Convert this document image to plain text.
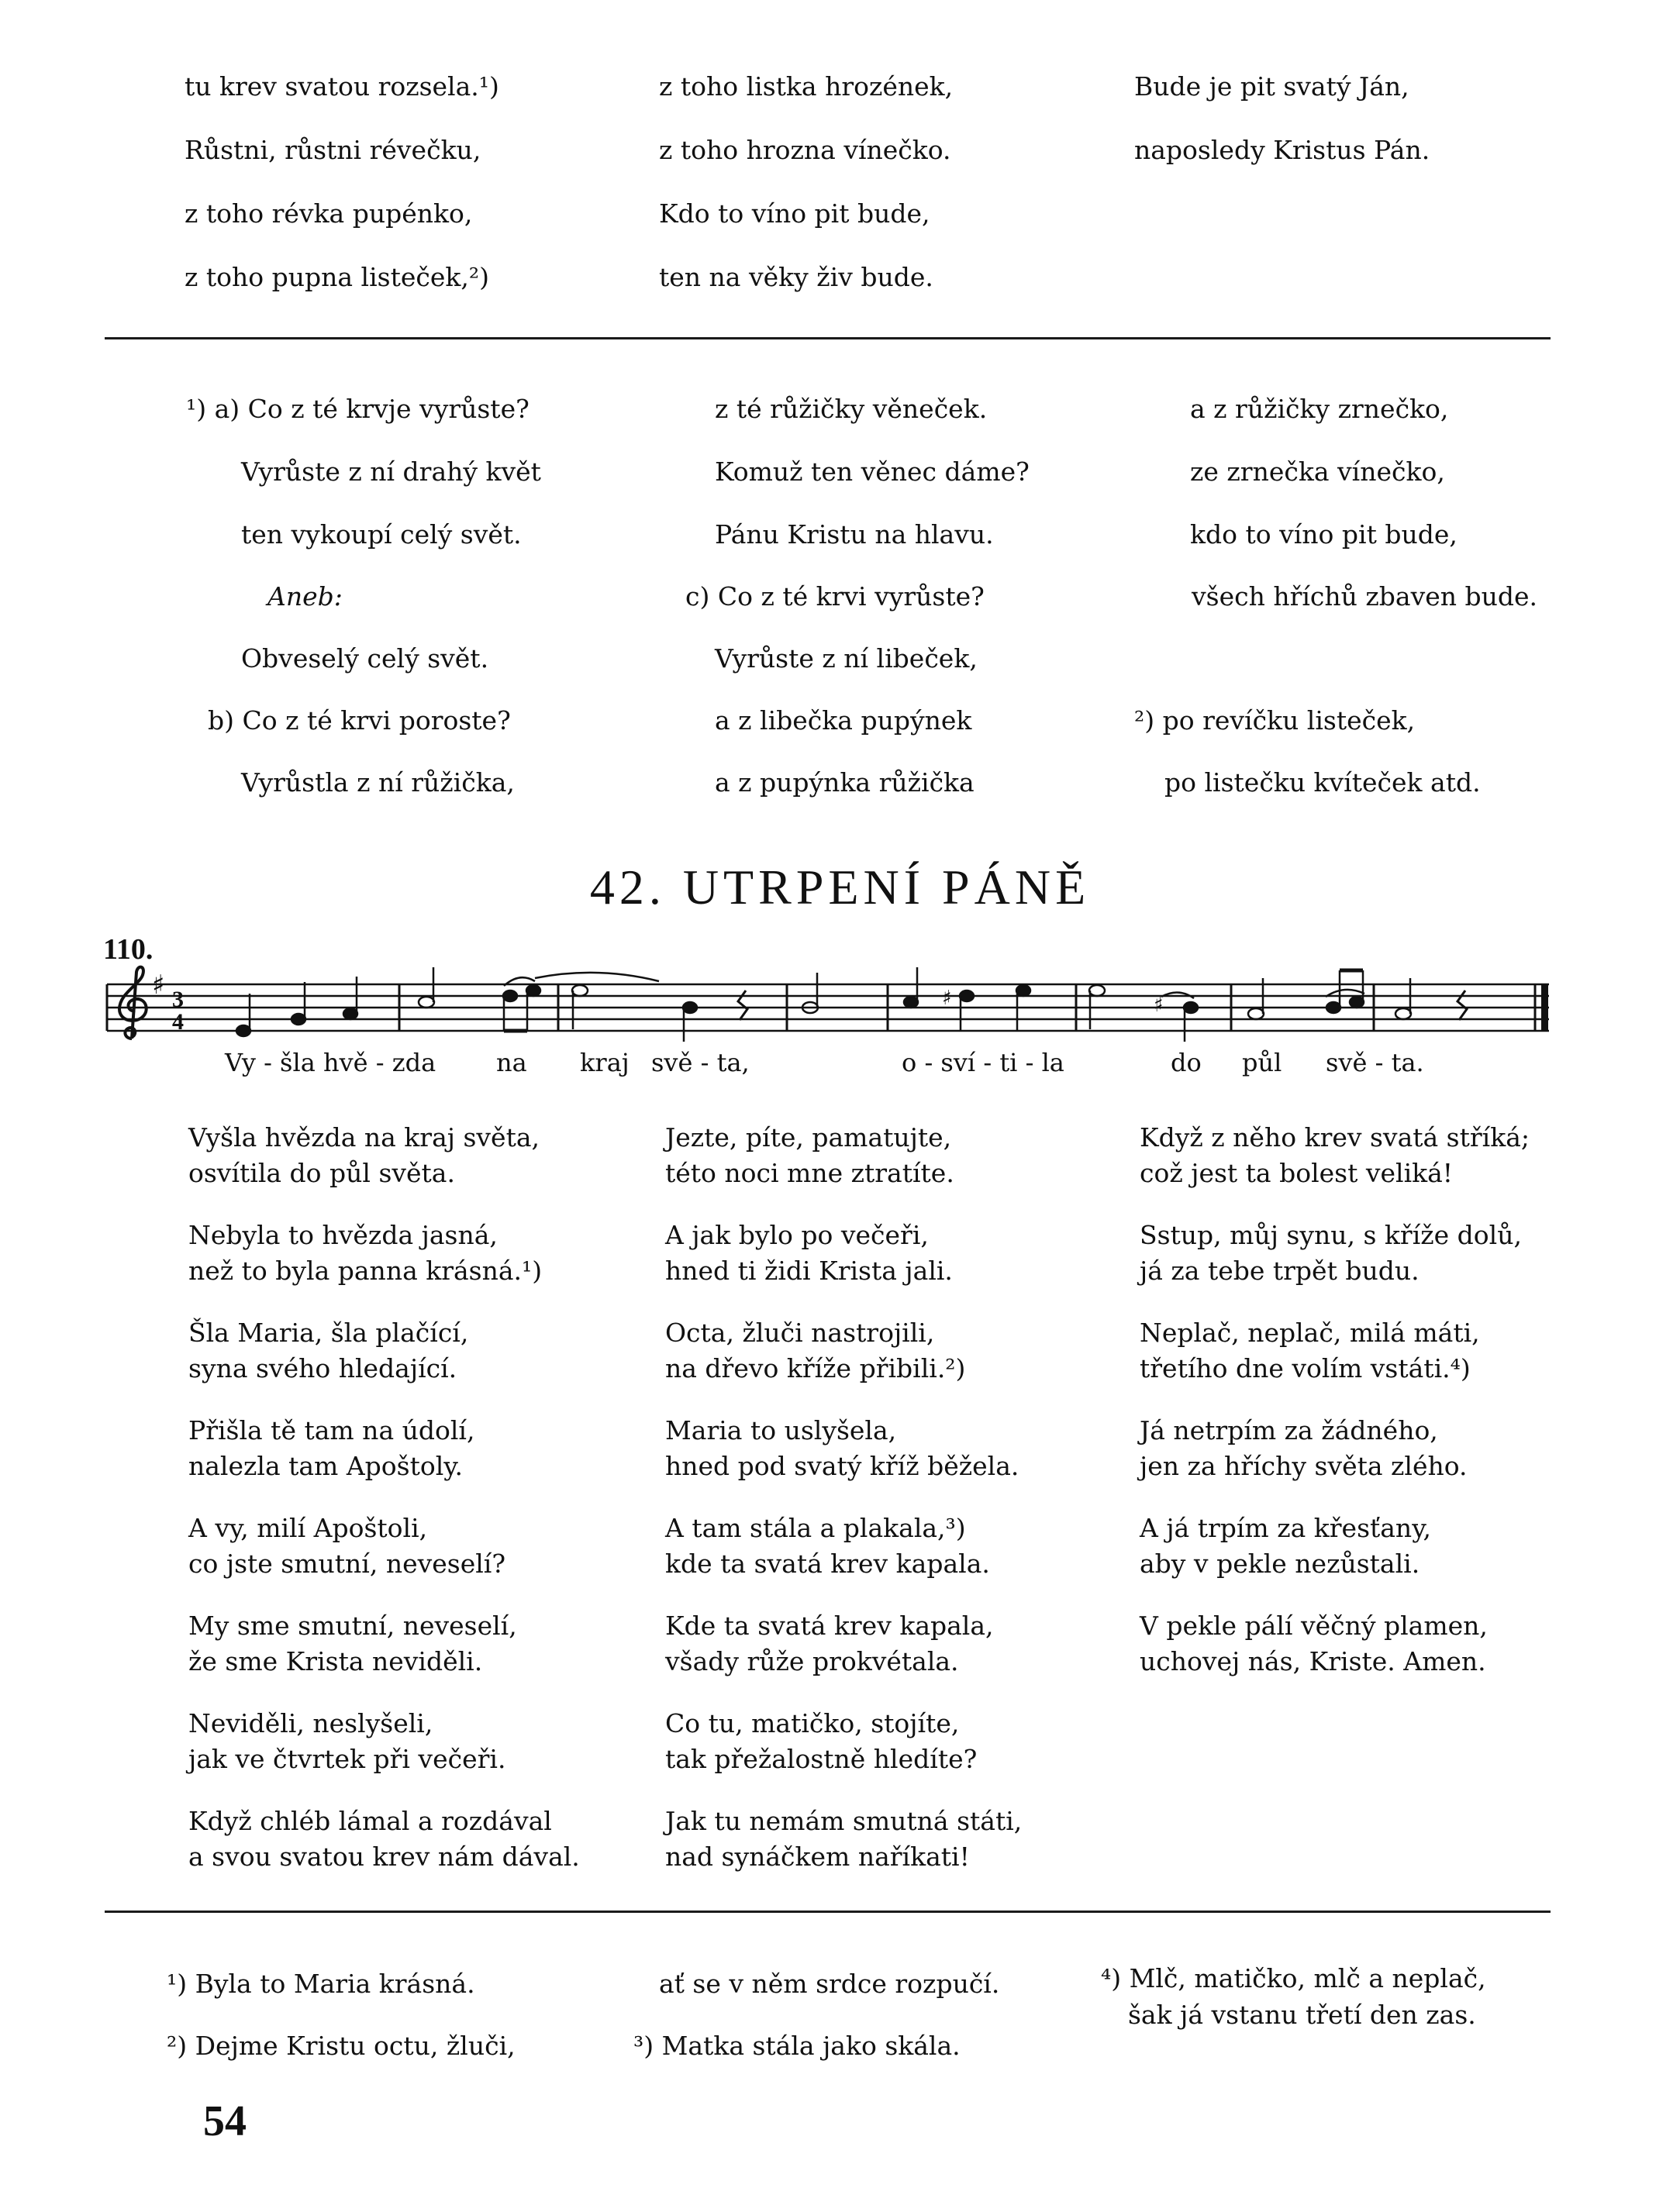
tu krev svatou rozsela.¹)
Růstni, růstni révečku,
z toho révka pupénko,
z toho pupna listeček,²)
z toho listka hrozének,
z toho hrozna vínečko.
Kdo to víno pit bude,
ten na věky živ bude.
Bude je pit svatý Ján,
naposledy Kristus Pán.
¹) a) Co z té krvje vyrůste?
Vyrůste z ní drahý květ
ten vykoupí celý svět.
Aneb:
Obveselý celý svět.
b) Co z té krvi poroste?
Vyrůstla z ní růžička,
z té růžičky věneček.
Komuž ten věnec dáme?
Pánu Kristu na hlavu.
c) Co z té krvi vyrůste?
Vyrůste z ní libeček,
a z libečka pupýnek
a z pupýnka růžička
a z růžičky zrnečko,
ze zrnečka vínečko,
kdo to víno pit bude,
všech hříchů zbaven bude.
²) po revíčku listeček,
po listečku kvíteček atd.
42. UTRPENÍ PÁNĚ
110.
♯ 3
4
♯	♯
Vy - šla hvě - zda na kraj svě - ta,	o - sví - ti - la	do půl svě - ta.
Vyšla hvězda na kraj světa,
osvítila do půl světa.
Nebyla to hvězda jasná,
než to byla panna krásná.¹)
Šla Maria, šla plačící,
syna svého hledající.
Přišla tě tam na údolí,
nalezla tam Apoštoly.
A vy, milí Apoštoli,
co jste smutní, neveselí?
My sme smutní, neveselí,
že sme Krista neviděli.
Neviděli, neslyšeli,
jak ve čtvrtek při večeři.
Když chléb lámal a rozdával
a svou svatou krev nám dával.
Jezte, píte, pamatujte,
této noci mne ztratíte.
A jak bylo po večeři,
hned ti židi Krista jali.
Octa, žluči nastrojili,
na dřevo kříže přibili.²)
Maria to uslyšela,
hned pod svatý kříž běžela.
A tam stála a plakala,³)
kde ta svatá krev kapala.
Kde ta svatá krev kapala,
všady růže prokvétala.
Co tu, matičko, stojíte,
tak přežalostně hledíte?
Jak tu nemám smutná státi,
nad synáčkem naříkati!
Když z něho krev svatá stříká;
což jest ta bolest veliká!
Sstup, můj synu, s kříže dolů,
já za tebe trpět budu.
Neplač, neplač, milá máti,
třetího dne volím vstáti.⁴)
Já netrpím za žádného,
jen za hříchy světa zlého.
A já trpím za křesťany,
aby v pekle nezůstali.
V pekle pálí věčný plamen,
uchovej nás, Kriste. Amen.
¹) Byla to Maria krásná.
²) Dejme Kristu octu, žluči,
ať se v něm srdce rozpučí.
³) Matka stála jako skála.
⁴) Mlč, matičko, mlč a neplač,
šak já vstanu třetí den zas.
54
